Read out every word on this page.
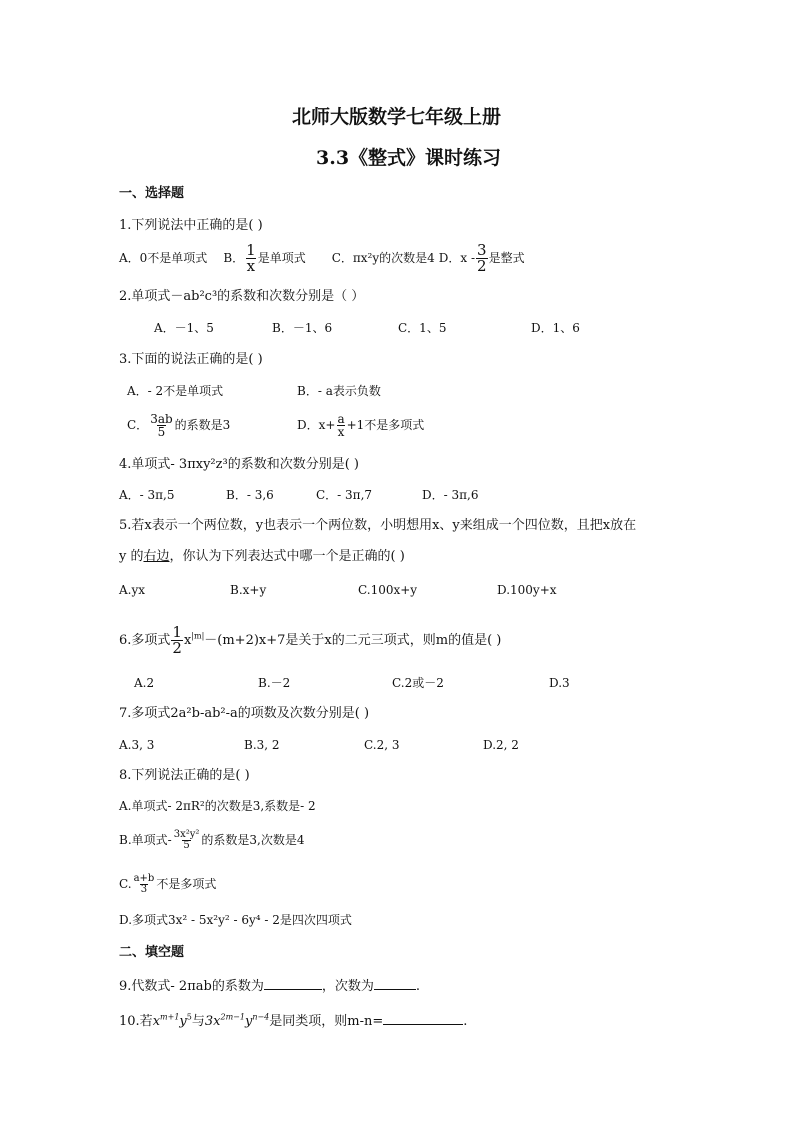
北师大版数学七年级上册
3.3《整式》课时练习
一、选择题
1.下列说法中正确的是( )
A．0不是单项式 B． $\frac{1}{x}$ 是单项式 C．πx²y的次数是4 D．x - $\frac{3}{2}$ 是整式
2.单项式－ab²c³的系数和次数分别是（ ）
A．－1、5	B．－1、6	C．1、5	D．1、6
3.下面的说法正确的是( )
A．- 2不是单项式	B．- a表示负数
C． $\frac{3ab}{5}$ 的系数是3	D．$x+ \frac{a}{x} +1$不是多项式
4.单项式- 3πxy²z³的系数和次数分别是( )
A．- 3π,5	B．- 3,6	C．- 3π,7	D．- 3π,6
5.若x表示一个两位数，y也表示一个两位数，小明想用x、y来组成一个四位数，且把x放在
y 的右边，你认为下列表达式中哪一个是正确的( )
A.yx	B.x+y	C.100x+y	D.100y+x
6.多项式 $\frac{1}{2} x^{|m|}-(m+2)x+7$是关于x的二元三项式，则m的值是( )
A.2	B.－2	C.2或－2	D.3
7.多项式2a²b-ab²-a的项数及次数分别是( )
A.3, 3	B.3, 2	C.2, 3	D.2, 2
8.下列说法正确的是( )
A.单项式- 2πR²的次数是3,系数是- 2
B.单项式- $\frac{\text{3x²y²}}{5}$ 的系数是3,次数是4
C. $\frac{a+b}{3}$ 不是多项式
D.多项式3x² - 5x²y² - 6y⁴ - 2是四次四项式
二、填空题
9.代数式- 2πab的系数为	，次数为	.
10.若$x^{m+1}y^5$与$3x^{2m-1}y^{n-4}$是同类项，则m-n=	.
